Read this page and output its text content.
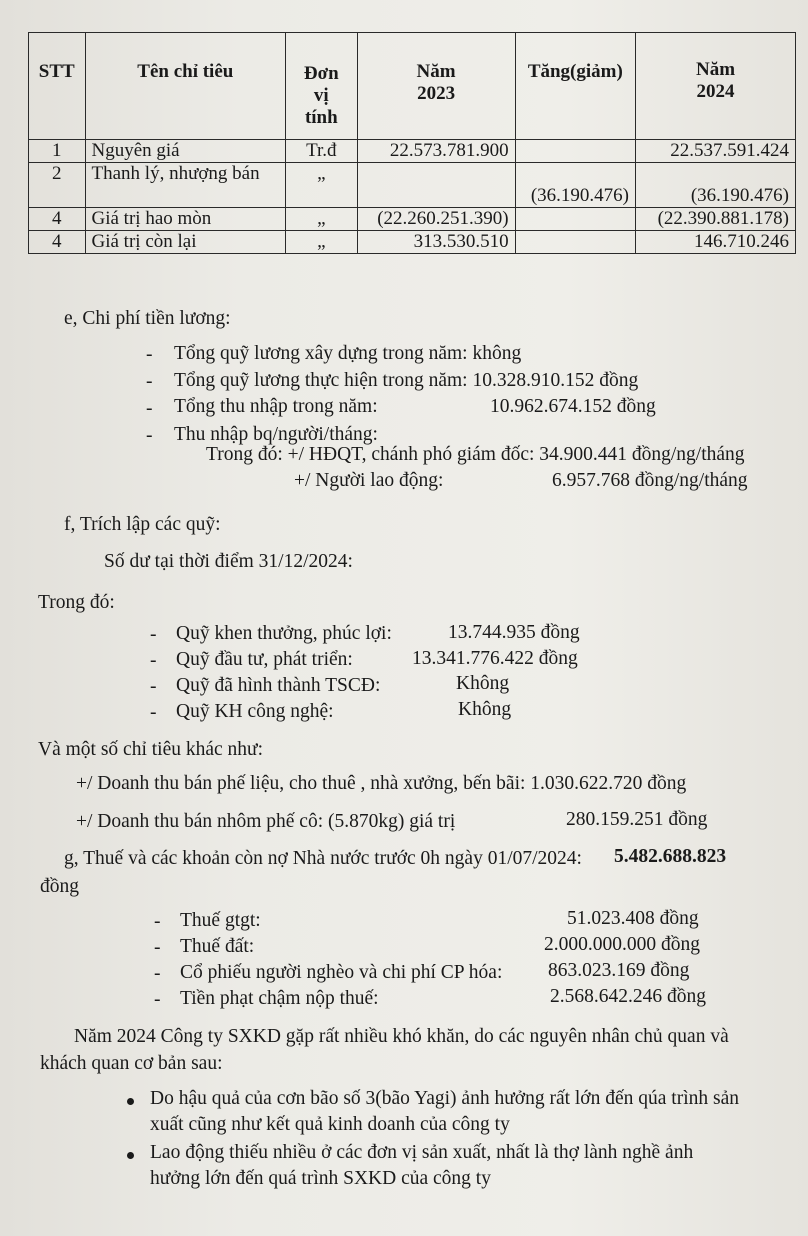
STT	Tên chỉ tiêu	Đơn
vị
tính	Năm
2023	Tăng(giảm)	Năm
2024
1	Nguyên giá	Tr.đ	22.573.781.900		22.537.591.424
2	Thanh lý, nhượng bán	„		(36.190.476)	(36.190.476)
4	Giá trị hao mòn	„	(22.260.251.390)		(22.390.881.178)
4	Giá trị còn lại	„	313.530.510		146.710.246
e, Chi phí tiền lương:
- Tổng quỹ lương xây dựng trong năm: không
- Tổng quỹ lương thực hiện trong năm: 10.328.910.152 đồng
- Tổng thu nhập trong năm:	10.962.674.152 đồng
- Thu nhập bq/người/tháng:
Trong đó: +/ HĐQT, chánh phó giám đốc: 34.900.441 đồng/ng/tháng
+/ Người lao động:	6.957.768 đồng/ng/tháng
f, Trích lập các quỹ:
Số dư tại thời điểm 31/12/2024:
Trong đó:
- Quỹ khen thưởng, phúc lợi:	13.744.935 đồng
- Quỹ đầu tư, phát triển:	13.341.776.422 đồng
- Quỹ đã hình thành TSCĐ:	Không
- Quỹ KH công nghệ:	Không
Và một số chỉ tiêu khác như:
+/ Doanh thu bán phế liệu, cho thuê , nhà xưởng, bến bãi: 1.030.622.720 đồng
+/ Doanh thu bán nhôm phế cô: (5.870kg) giá trị	280.159.251 đồng
g, Thuế và các khoản còn nợ Nhà nước trước 0h ngày 01/07/2024: 5.482.688.823
đồng
- Thuế gtgt:	51.023.408 đồng
- Thuế đất:	2.000.000.000 đồng
- Cổ phiếu người nghèo và chi phí CP hóa: 863.023.169 đồng
- Tiền phạt chậm nộp thuế:	2.568.642.246 đồng
Năm 2024 Công ty SXKD gặp rất nhiều khó khăn, do các nguyên nhân chủ quan và
khách quan cơ bản sau:
Do hậu quả của cơn bão số 3(bão Yagi) ảnh hưởng rất lớn đến qúa trình sản
xuất cũng như kết quả kinh doanh của công ty
Lao động thiếu nhiều ở các đơn vị sản xuất, nhất là thợ lành nghề ảnh
hưởng lớn đến quá trình SXKD của công ty
